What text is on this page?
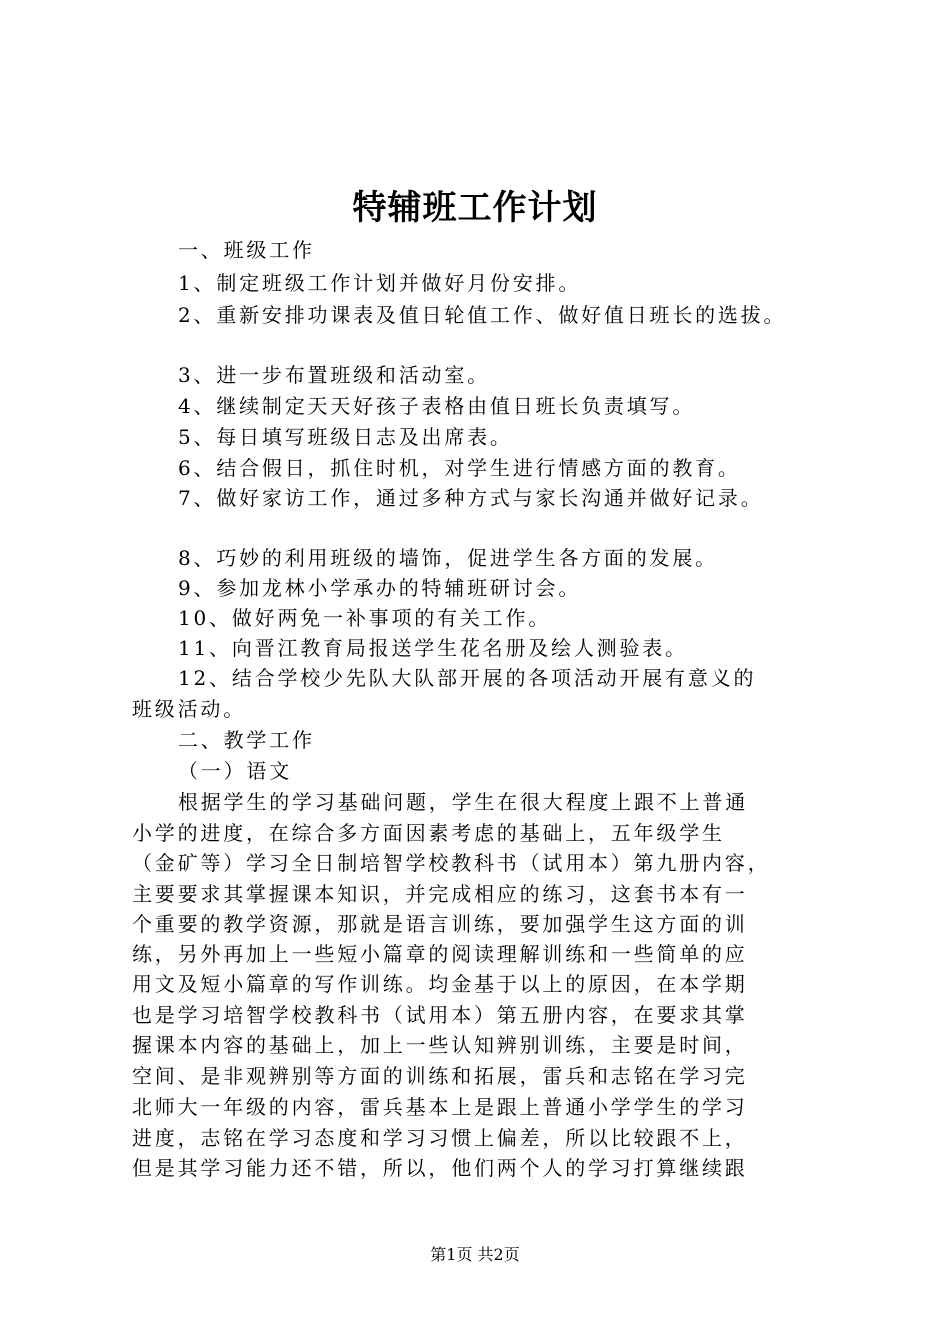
特辅班工作计划
一、班级工作
1、制定班级工作计划并做好月份安排。
2、重新安排功课表及值日轮值工作、做好值日班长的选拔。
3、进一步布置班级和活动室。
4、继续制定天天好孩子表格由值日班长负责填写。
5、每日填写班级日志及出席表。
6、结合假日，抓住时机，对学生进行情感方面的教育。
7、做好家访工作，通过多种方式与家长沟通并做好记录。
8、巧妙的利用班级的墙饰，促进学生各方面的发展。
9、参加龙林小学承办的特辅班研讨会。
10、做好两免一补事项的有关工作。
11、向晋江教育局报送学生花名册及绘人测验表。
12、结合学校少先队大队部开展的各项活动开展有意义的
班级活动。
二、教学工作
（一）语文
根据学生的学习基础问题，学生在很大程度上跟不上普通
小学的进度，在综合多方面因素考虑的基础上，五年级学生
（金矿等）学习全日制培智学校教科书（试用本）第九册内容，
主要要求其掌握课本知识，并完成相应的练习，这套书本有一
个重要的教学资源，那就是语言训练，要加强学生这方面的训
练，另外再加上一些短小篇章的阅读理解训练和一些简单的应
用文及短小篇章的写作训练。均金基于以上的原因，在本学期
也是学习培智学校教科书（试用本）第五册内容，在要求其掌
握课本内容的基础上，加上一些认知辨别训练，主要是时间，
空间、是非观辨别等方面的训练和拓展，雷兵和志铭在学习完
北师大一年级的内容，雷兵基本上是跟上普通小学学生的学习
进度，志铭在学习态度和学习习惯上偏差，所以比较跟不上，
但是其学习能力还不错，所以，他们两个人的学习打算继续跟
第1页 共2页
